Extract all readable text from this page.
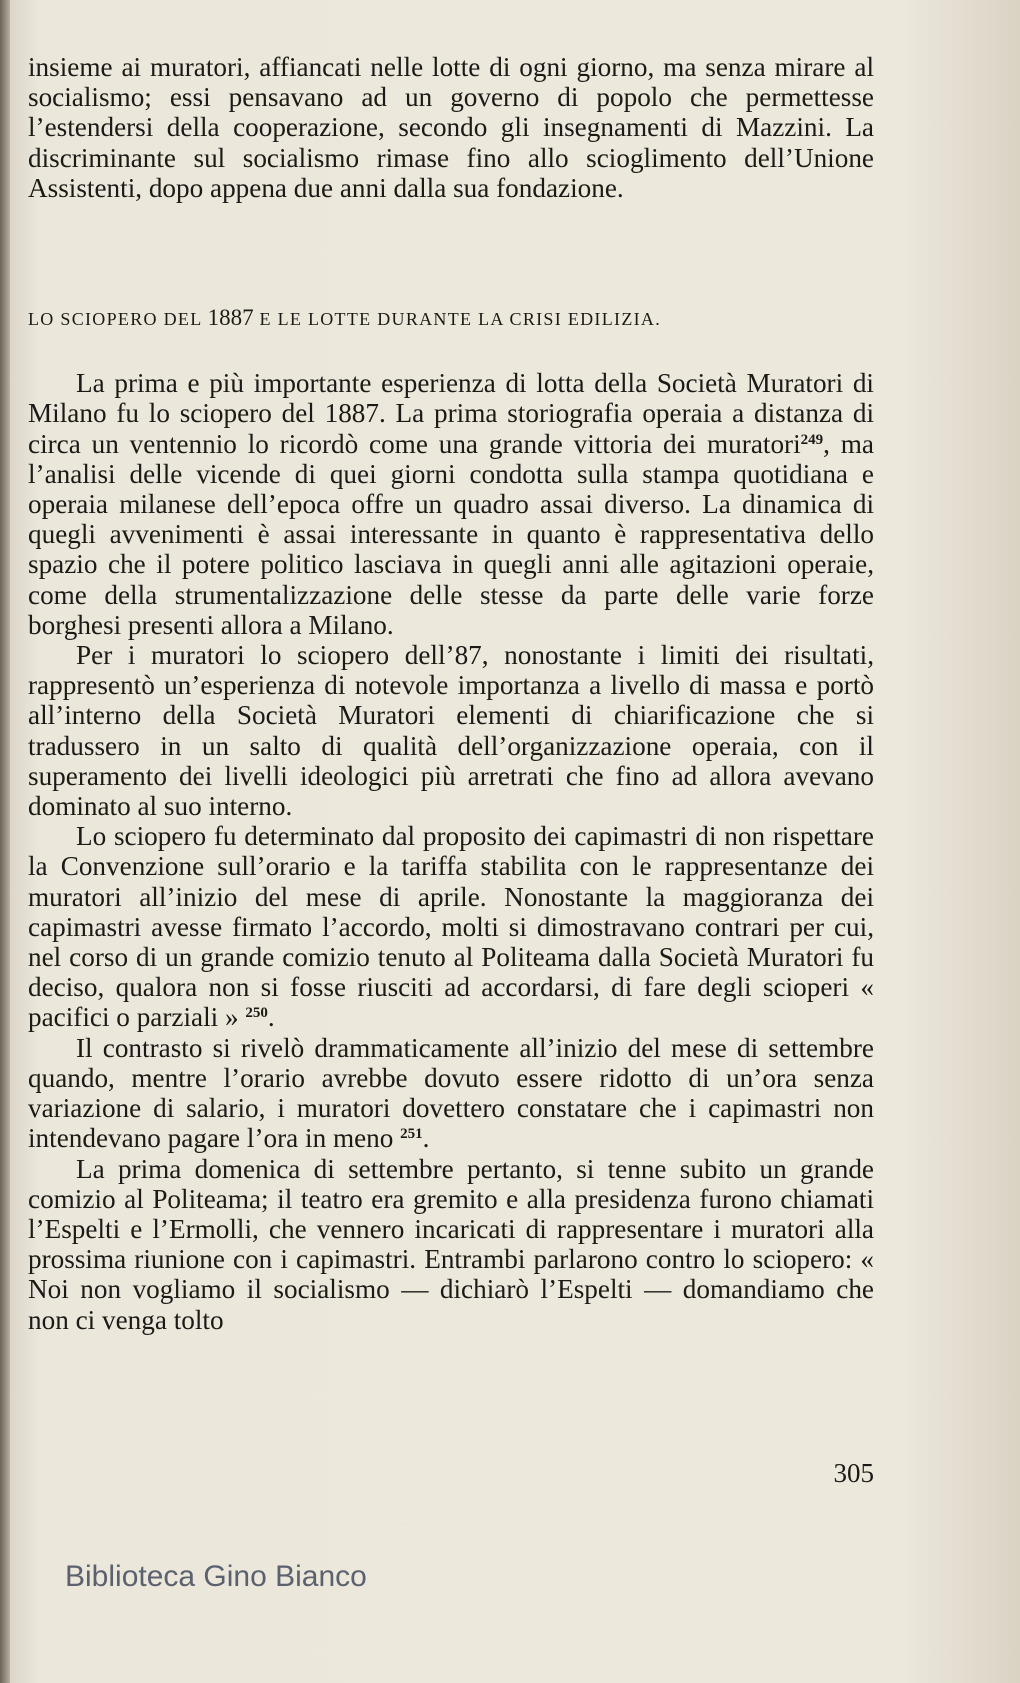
insieme ai muratori, affiancati nelle lotte di ogni giorno, ma senza mirare al socialismo; essi pensavano ad un governo di popolo che permettesse l’estendersi della cooperazione, secondo gli insegnamenti di Mazzini. La discriminante sul socialismo rimase fino allo scioglimento dell’Unione Assistenti, dopo appena due anni dalla sua fondazione.

LO SCIOPERO DEL 1887 E LE LOTTE DURANTE LA CRISI EDILIZIA.

La prima e più importante esperienza di lotta della Società Muratori di Milano fu lo sciopero del 1887. La prima storiografia operaia a distanza di circa un ventennio lo ricordò come una grande vittoria dei muratori$^{249}$, ma l’analisi delle vicende di quei giorni condotta sulla stampa quotidiana e operaia milanese dell’epoca offre un quadro assai diverso. La dinamica di quegli avvenimenti è assai interessante in quanto è rappresentativa dello spazio che il potere politico lasciava in quegli anni alle agitazioni operaie, come della strumentalizzazione delle stesse da parte delle varie forze borghesi presenti allora a Milano.

Per i muratori lo sciopero dell’87, nonostante i limiti dei risultati, rappresentò un’esperienza di notevole importanza a livello di massa e portò all’interno della Società Muratori elementi di chiarificazione che si tradussero in un salto di qualità dell’organizzazione operaia, con il superamento dei livelli ideologici più arretrati che fino ad allora avevano dominato al suo interno.

Lo sciopero fu determinato dal proposito dei capimastri di non rispettare la Convenzione sull’orario e la tariffa stabilita con le rappresentanze dei muratori all’inizio del mese di aprile. Nonostante la maggioranza dei capimastri avesse firmato l’accordo, molti si dimostravano contrari per cui, nel corso di un grande comizio tenuto al Politeama dalla Società Muratori fu deciso, qualora non si fosse riusciti ad accordarsi, di fare degli scioperi « pacifici o parziali » $^{250}$.

Il contrasto si rivelò drammaticamente all’inizio del mese di settembre quando, mentre l’orario avrebbe dovuto essere ridotto di un’ora senza variazione di salario, i muratori dovettero constatare che i capimastri non intendevano pagare l’ora in meno $^{251}$.

La prima domenica di settembre pertanto, si tenne subito un grande comizio al Politeama; il teatro era gremito e alla presidenza furono chiamati l’Espelti e l’Ermolli, che vennero incaricati di rappresentare i muratori alla prossima riunione con i capimastri. Entrambi parlarono contro lo sciopero: « Noi non vogliamo il socialismo — dichiarò l’Espelti — domandiamo che non ci venga tolto

305
Biblioteca Gino Bianco
